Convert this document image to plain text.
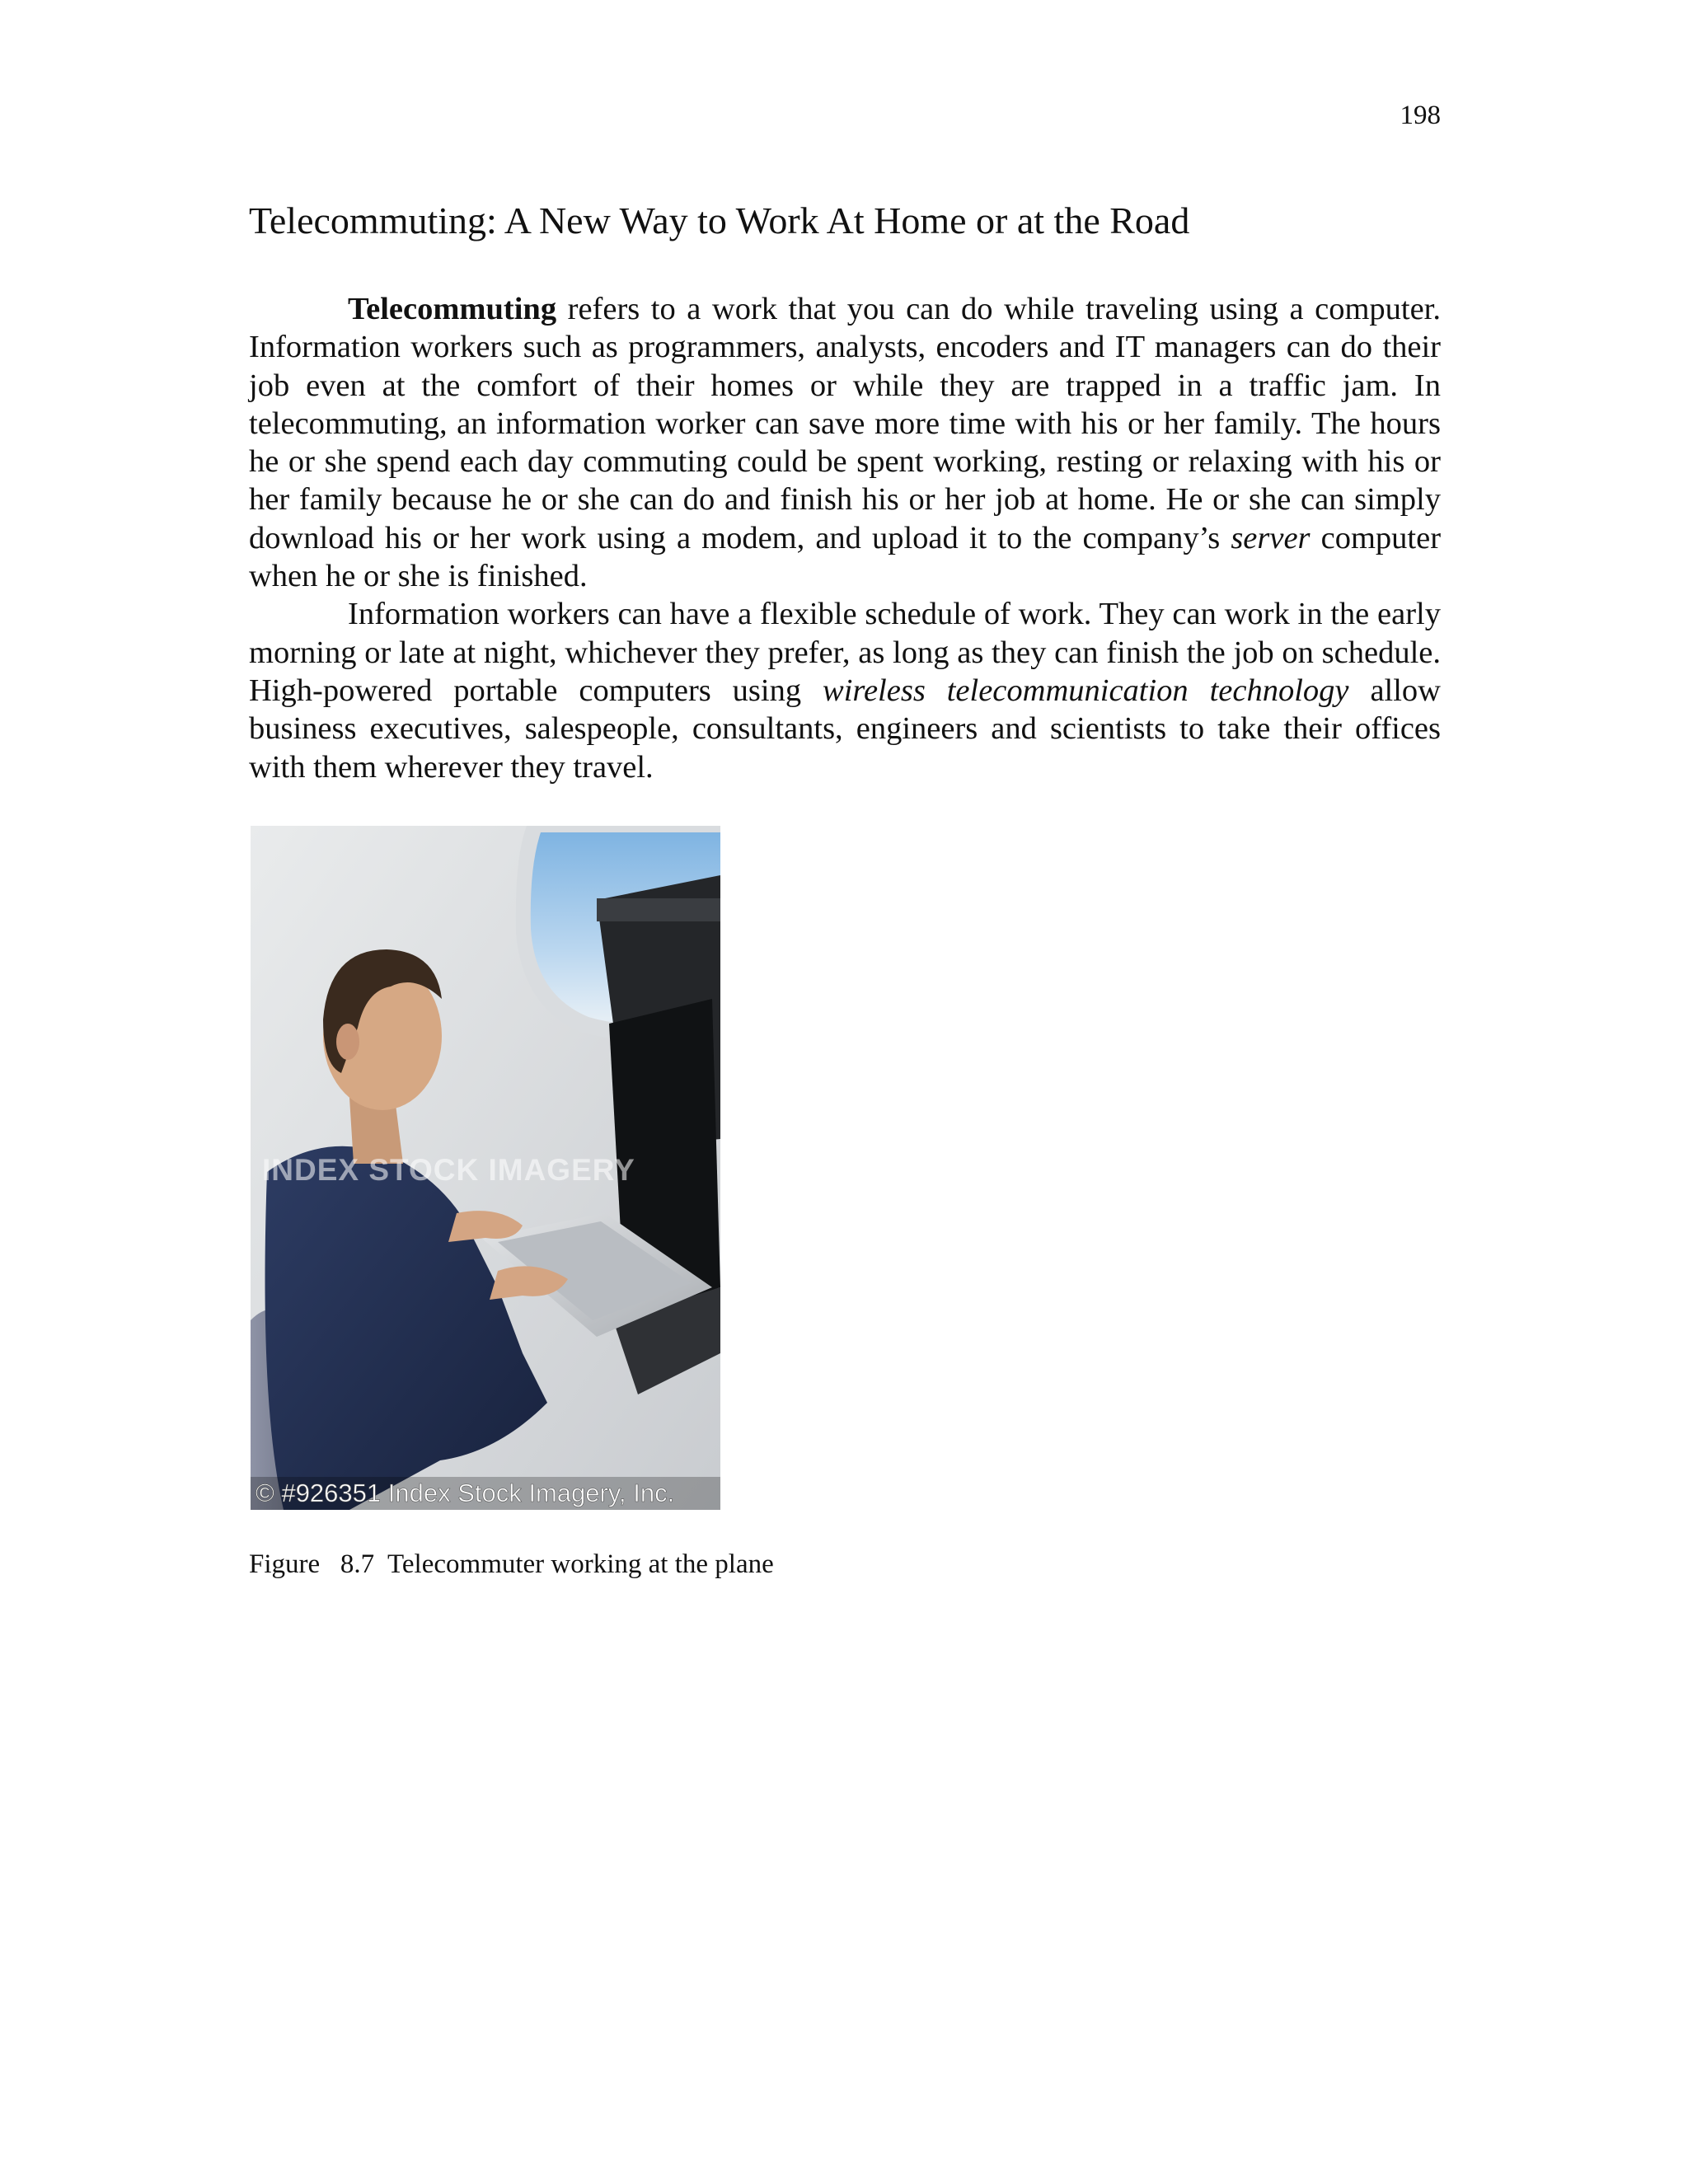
198
Telecommuting: A New Way to Work At Home or at the Road

Telecommuting refers to a work that you can do while traveling using a computer. Information workers such as programmers, analysts, encoders and IT managers can do their job even at the comfort of their homes or while they are trapped in a traffic jam. In telecommuting, an information worker can save more time with his or her family. The hours he or she spend each day commuting could be spent working, resting or relaxing with his or her family because he or she can do and finish his or her job at home. He or she can simply download his or her work using a modem, and upload it to the company’s server computer when he or she is finished.

Information workers can have a flexible schedule of work. They can work in the early morning or late at night, whichever they prefer, as long as they can finish the job on schedule. High-powered portable computers using wireless telecommunication technology allow business executives, salespeople, consultants, engineers and scientists to take their offices with them wherever they travel.

INDEX STOCK IMAGERY
© #926351 Index Stock Imagery, Inc.
Figure   8.7  Telecommuter working at the plane
